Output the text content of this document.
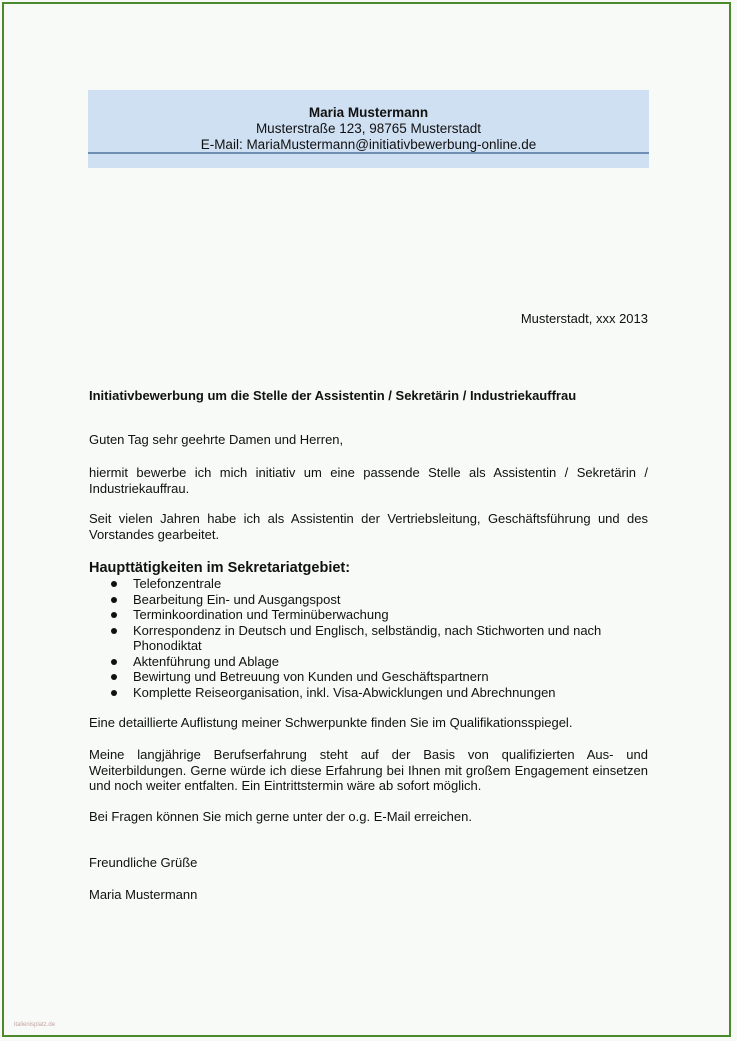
Maria Mustermann
Musterstraße 123, 98765 Musterstadt
E-Mail: MariaMustermann@initiativbewerbung-online.de
Musterstadt, xxx 2013
Initiativbewerbung um die Stelle der Assistentin / Sekretärin / Industriekauffrau
Guten Tag sehr geehrte Damen und Herren,
hiermit bewerbe ich mich initiativ um eine passende Stelle als Assistentin / Sekretärin / Industriekauffrau.
Seit vielen Jahren habe ich als Assistentin der Vertriebsleitung, Geschäftsführung und des Vorstandes gearbeitet.
Haupttätigkeiten im Sekretariatgebiet:
Telefonzentrale
Bearbeitung Ein- und Ausgangspost
Terminkoordination und Terminüberwachung
Korrespondenz in Deutsch und Englisch, selbständig, nach Stichworten und nach Phonodiktat
Aktenführung und Ablage
Bewirtung und Betreuung von Kunden und Geschäftspartnern
Komplette Reiseorganisation, inkl. Visa-Abwicklungen und Abrechnungen
Eine detaillierte Auflistung meiner Schwerpunkte finden Sie im Qualifikationsspiegel.
Meine langjährige Berufserfahrung steht auf der Basis von qualifizierten Aus- und Weiterbildungen. Gerne würde ich diese Erfahrung bei Ihnen mit großem Engagement einsetzen und noch weiter entfalten. Ein Eintrittstermin wäre ab sofort möglich.
Bei Fragen können Sie mich gerne unter der o.g. E-Mail erreichen.
Freundliche Grüße
Maria Mustermann
italienisplatz.de
